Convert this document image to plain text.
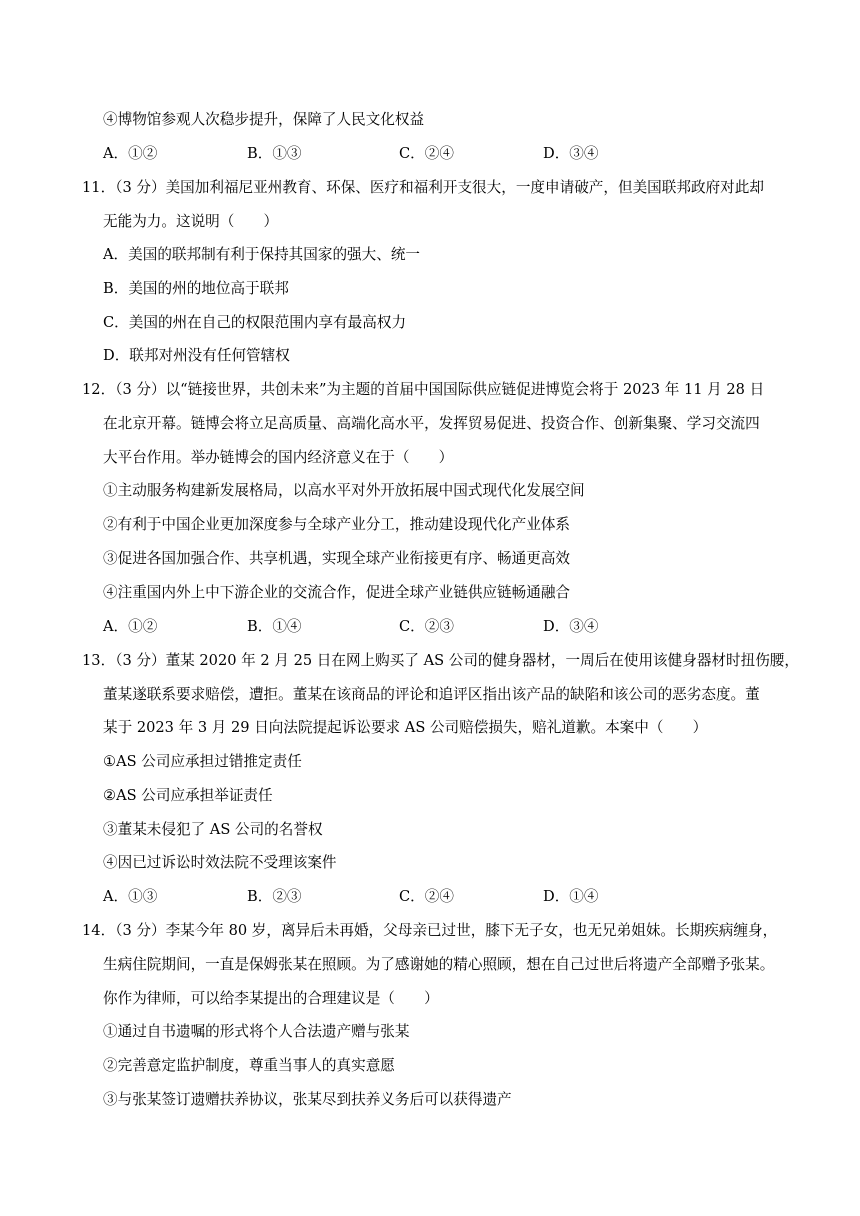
④博物馆参观人次稳步提升，保障了人民文化权益
A．①②	B．①③	C．②④	D．③④
11．（3 分）美国加利福尼亚州教育、环保、医疗和福利开支很大，一度申请破产，但美国联邦政府对此却
无能为力。这说明（　　）
A．美国的联邦制有利于保持其国家的强大、统一
B．美国的州的地位高于联邦
C．美国的州在自己的权限范围内享有最高权力
D．联邦对州没有任何管辖权
12．（3 分）以“链接世界，共创未来”为主题的首届中国国际供应链促进博览会将于 2023 年 11 月 28 日
在北京开幕。链博会将立足高质量、高端化高水平，发挥贸易促进、投资合作、创新集聚、学习交流四
大平台作用。举办链博会的国内经济意义在于（　　）
①主动服务构建新发展格局，以高水平对外开放拓展中国式现代化发展空间
②有利于中国企业更加深度参与全球产业分工，推动建设现代化产业体系
③促进各国加强合作、共享机遇，实现全球产业衔接更有序、畅通更高效
④注重国内外上中下游企业的交流合作，促进全球产业链供应链畅通融合
A．①②	B．①④	C．②③	D．③④
13．（3 分）董某 2020 年 2 月 25 日在网上购买了 AS 公司的健身器材，一周后在使用该健身器材时扭伤腰，
董某遂联系要求赔偿，遭拒。董某在该商品的评论和追评区指出该产品的缺陷和该公司的恶劣态度。董
某于 2023 年 3 月 29 日向法院提起诉讼要求 AS 公司赔偿损失，赔礼道歉。本案中（　　）
①AS 公司应承担过错推定责任
②AS 公司应承担举证责任
③董某未侵犯了 AS 公司的名誉权
④因已过诉讼时效法院不受理该案件
A．①③	B．②③	C．②④	D．①④
14．（3 分）李某今年 80 岁，离异后未再婚，父母亲已过世，膝下无子女，也无兄弟姐妹。长期疾病缠身，
生病住院期间，一直是保姆张某在照顾。为了感谢她的精心照顾，想在自己过世后将遗产全部赠予张某。
你作为律师，可以给李某提出的合理建议是（　　）
①通过自书遗嘱的形式将个人合法遗产赠与张某
②完善意定监护制度，尊重当事人的真实意愿
③与张某签订遗赠扶养协议，张某尽到扶养义务后可以获得遗产
